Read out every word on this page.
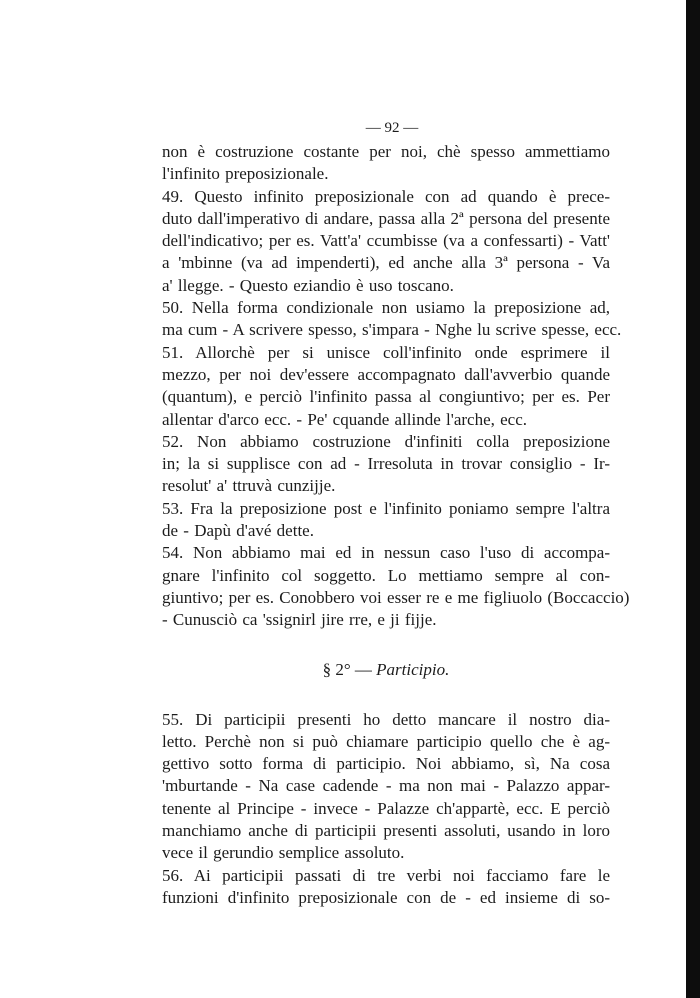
— 92 —
non è costruzione costante per noi, chè spesso ammettiamo
l'infinito preposizionale.
49. Questo infinito preposizionale con ad quando è prece-
duto dall'imperativo di andare, passa alla 2ª persona del presente
dell'indicativo; per es. Vatt'a' ccumbisse (va a confessarti) - Vatt'
a 'mbinne (va ad impenderti), ed anche alla 3ª persona - Va
a' llegge. - Questo eziandio è uso toscano.
50. Nella forma condizionale non usiamo la preposizione ad,
ma cum - A scrivere spesso, s'impara - Nghe lu scrive spesse, ecc.
51. Allorchè per si unisce coll'infinito onde esprimere il
mezzo, per noi dev'essere accompagnato dall'avverbio quande
(quantum), e perciò l'infinito passa al congiuntivo; per es. Per
allentar d'arco ecc. - Pe' cquande allinde l'arche, ecc.
52. Non abbiamo costruzione d'infiniti colla preposizione
in; la si supplisce con ad - Irresoluta in trovar consiglio - Ir-
resolut' a' ttruvà cunzijje.
53. Fra la preposizione post e l'infinito poniamo sempre l'altra
de - Dapù d'avé dette.
54. Non abbiamo mai ed in nessun caso l'uso di accompa-
gnare l'infinito col soggetto. Lo mettiamo sempre al con-
giuntivo; per es. Conobbero voi esser re e me figliuolo (Boccaccio)
- Cunusciò ca 'ssignirl jire rre, e ji fijje.
§ 2° — Participio.
55. Di participii presenti ho detto mancare il nostro dia-
letto. Perchè non si può chiamare participio quello che è ag-
gettivo sotto forma di participio. Noi abbiamo, sì, Na cosa
'mburtande - Na case cadende - ma non mai - Palazzo appar-
tenente al Principe - invece - Palazze ch'appartè, ecc. E perciò
manchiamo anche di participii presenti assoluti, usando in loro
vece il gerundio semplice assoluto.
56. Ai participii passati di tre verbi noi facciamo fare le
funzioni d'infinito preposizionale con de - ed insieme di so-
